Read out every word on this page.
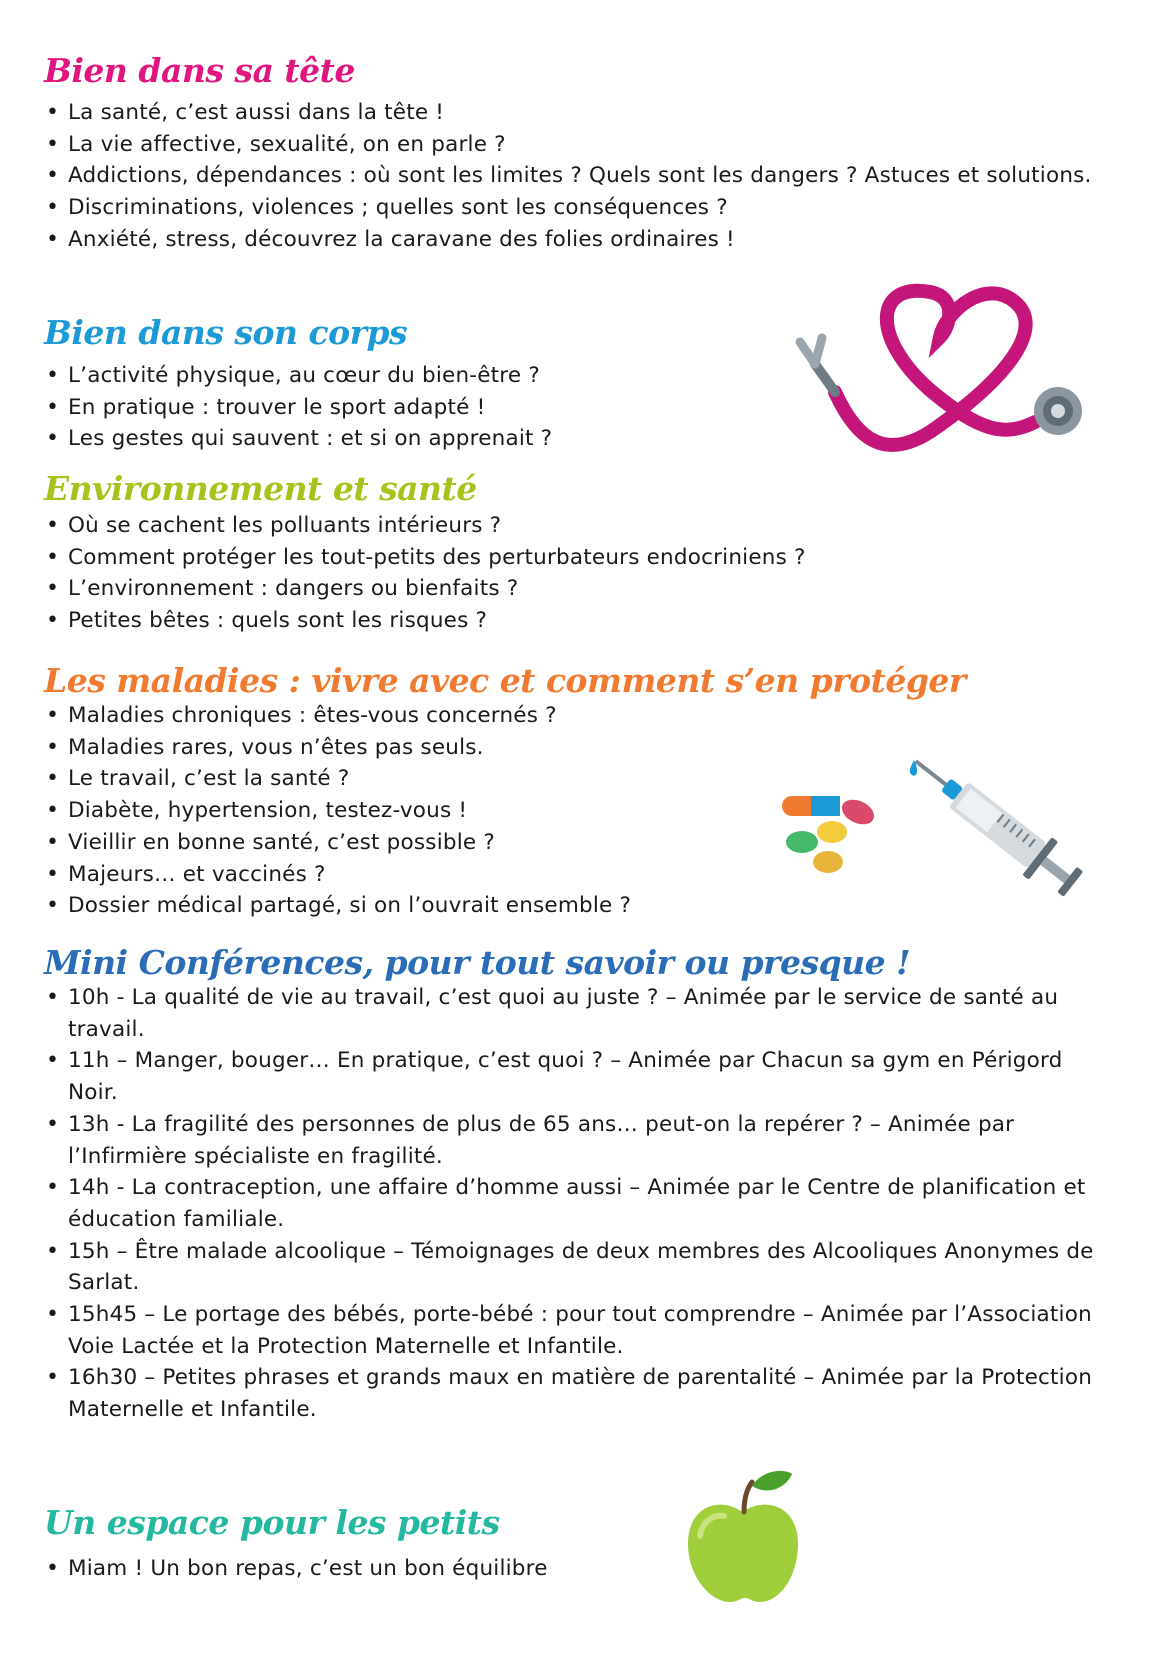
Bien dans sa tête
• La santé, c’est aussi dans la tête !
• La vie affective, sexualité, on en parle ?
• Addictions, dépendances : où sont les limites ? Quels sont les dangers ? Astuces et solutions.
• Discriminations, violences ; quelles sont les conséquences ?
• Anxiété, stress, découvrez la caravane des folies ordinaires !
Bien dans son corps
• L’activité physique, au cœur du bien-être ?
• En pratique : trouver le sport adapté !
• Les gestes qui sauvent : et si on apprenait ?
Environnement et santé
• Où se cachent les polluants intérieurs ?
• Comment protéger les tout-petits des perturbateurs endocriniens ?
• L’environnement : dangers ou bienfaits ?
• Petites bêtes : quels sont les risques ?
Les maladies : vivre avec et comment s’en protéger
• Maladies chroniques : êtes-vous concernés ?
• Maladies rares, vous n’êtes pas seuls.
• Le travail, c’est la santé ?
• Diabète, hypertension, testez-vous !
• Vieillir en bonne santé, c’est possible ?
• Majeurs… et vaccinés ?
• Dossier médical partagé, si on l’ouvrait ensemble ?
Mini Conférences, pour tout savoir ou presque !
• 10h - La qualité de vie au travail, c’est quoi au juste ? – Animée par le service de santé au travail.
• 11h – Manger, bouger… En pratique, c’est quoi ? – Animée par Chacun sa gym en Périgord Noir.
• 13h - La fragilité des personnes de plus de 65 ans… peut-on la repérer ? – Animée par l’Infirmière spécialiste en fragilité.
• 14h - La contraception, une affaire d’homme aussi – Animée par le Centre de planification et éducation familiale.
• 15h – Être malade alcoolique – Témoignages de deux membres des Alcooliques Anonymes de Sarlat.
• 15h45 – Le portage des bébés, porte-bébé : pour tout comprendre – Animée par l’Association Voie Lactée et la Protection Maternelle et Infantile.
• 16h30 – Petites phrases et grands maux en matière de parentalité – Animée par la Protection Maternelle et Infantile.
Un espace pour les petits
• Miam ! Un bon repas, c’est un bon équilibre
